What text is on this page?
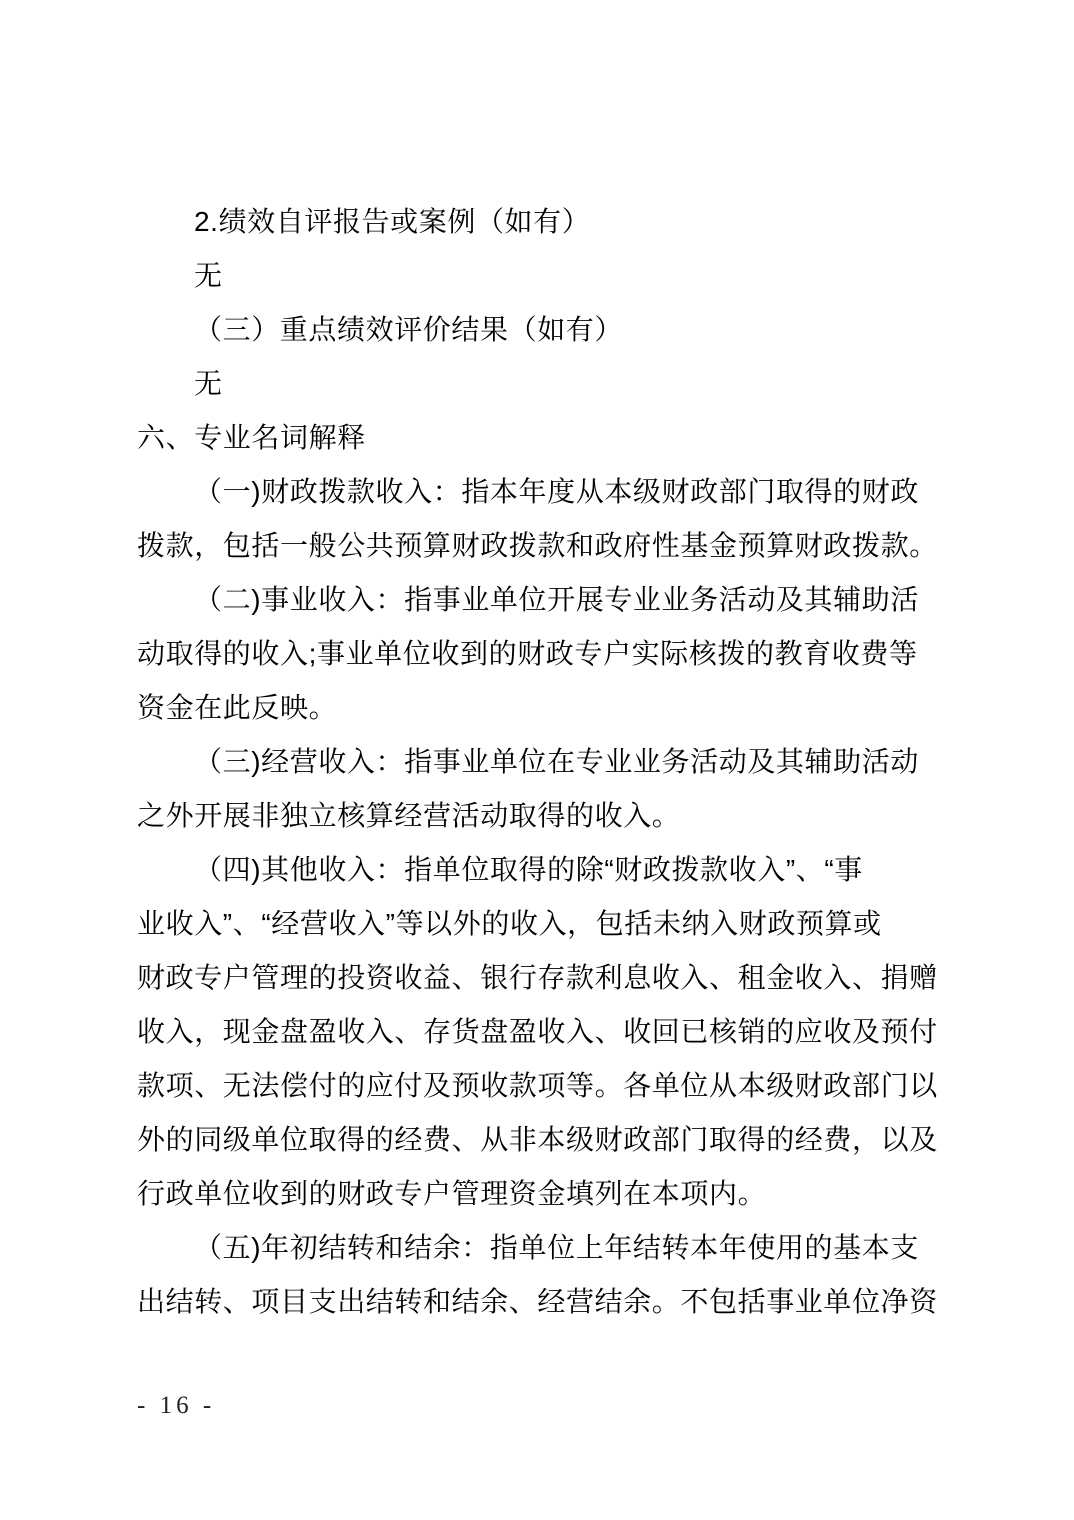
2.绩效自评报告或案例（如有）
无
（三）重点绩效评价结果（如有）
无
六、专业名词解释
（一)财政拨款收入：指本年度从本级财政部门取得的财政
拨款，包括一般公共预算财政拨款和政府性基金预算财政拨款。
（二)事业收入：指事业单位开展专业业务活动及其辅助活
动取得的收入;事业单位收到的财政专户实际核拨的教育收费等
资金在此反映。
（三)经营收入：指事业单位在专业业务活动及其辅助活动
之外开展非独立核算经营活动取得的收入。
（四)其他收入：指单位取得的除“财政拨款收入”、“事
业收入”、“经营收入”等以外的收入，包括未纳入财政预算或
财政专户管理的投资收益、银行存款利息收入、租金收入、捐赠
收入，现金盘盈收入、存货盘盈收入、收回已核销的应收及预付
款项、无法偿付的应付及预收款项等。各单位从本级财政部门以
外的同级单位取得的经费、从非本级财政部门取得的经费，以及
行政单位收到的财政专户管理资金填列在本项内。
（五)年初结转和结余：指单位上年结转本年使用的基本支
出结转、项目支出结转和结余、经营结余。不包括事业单位净资
- 16 -
